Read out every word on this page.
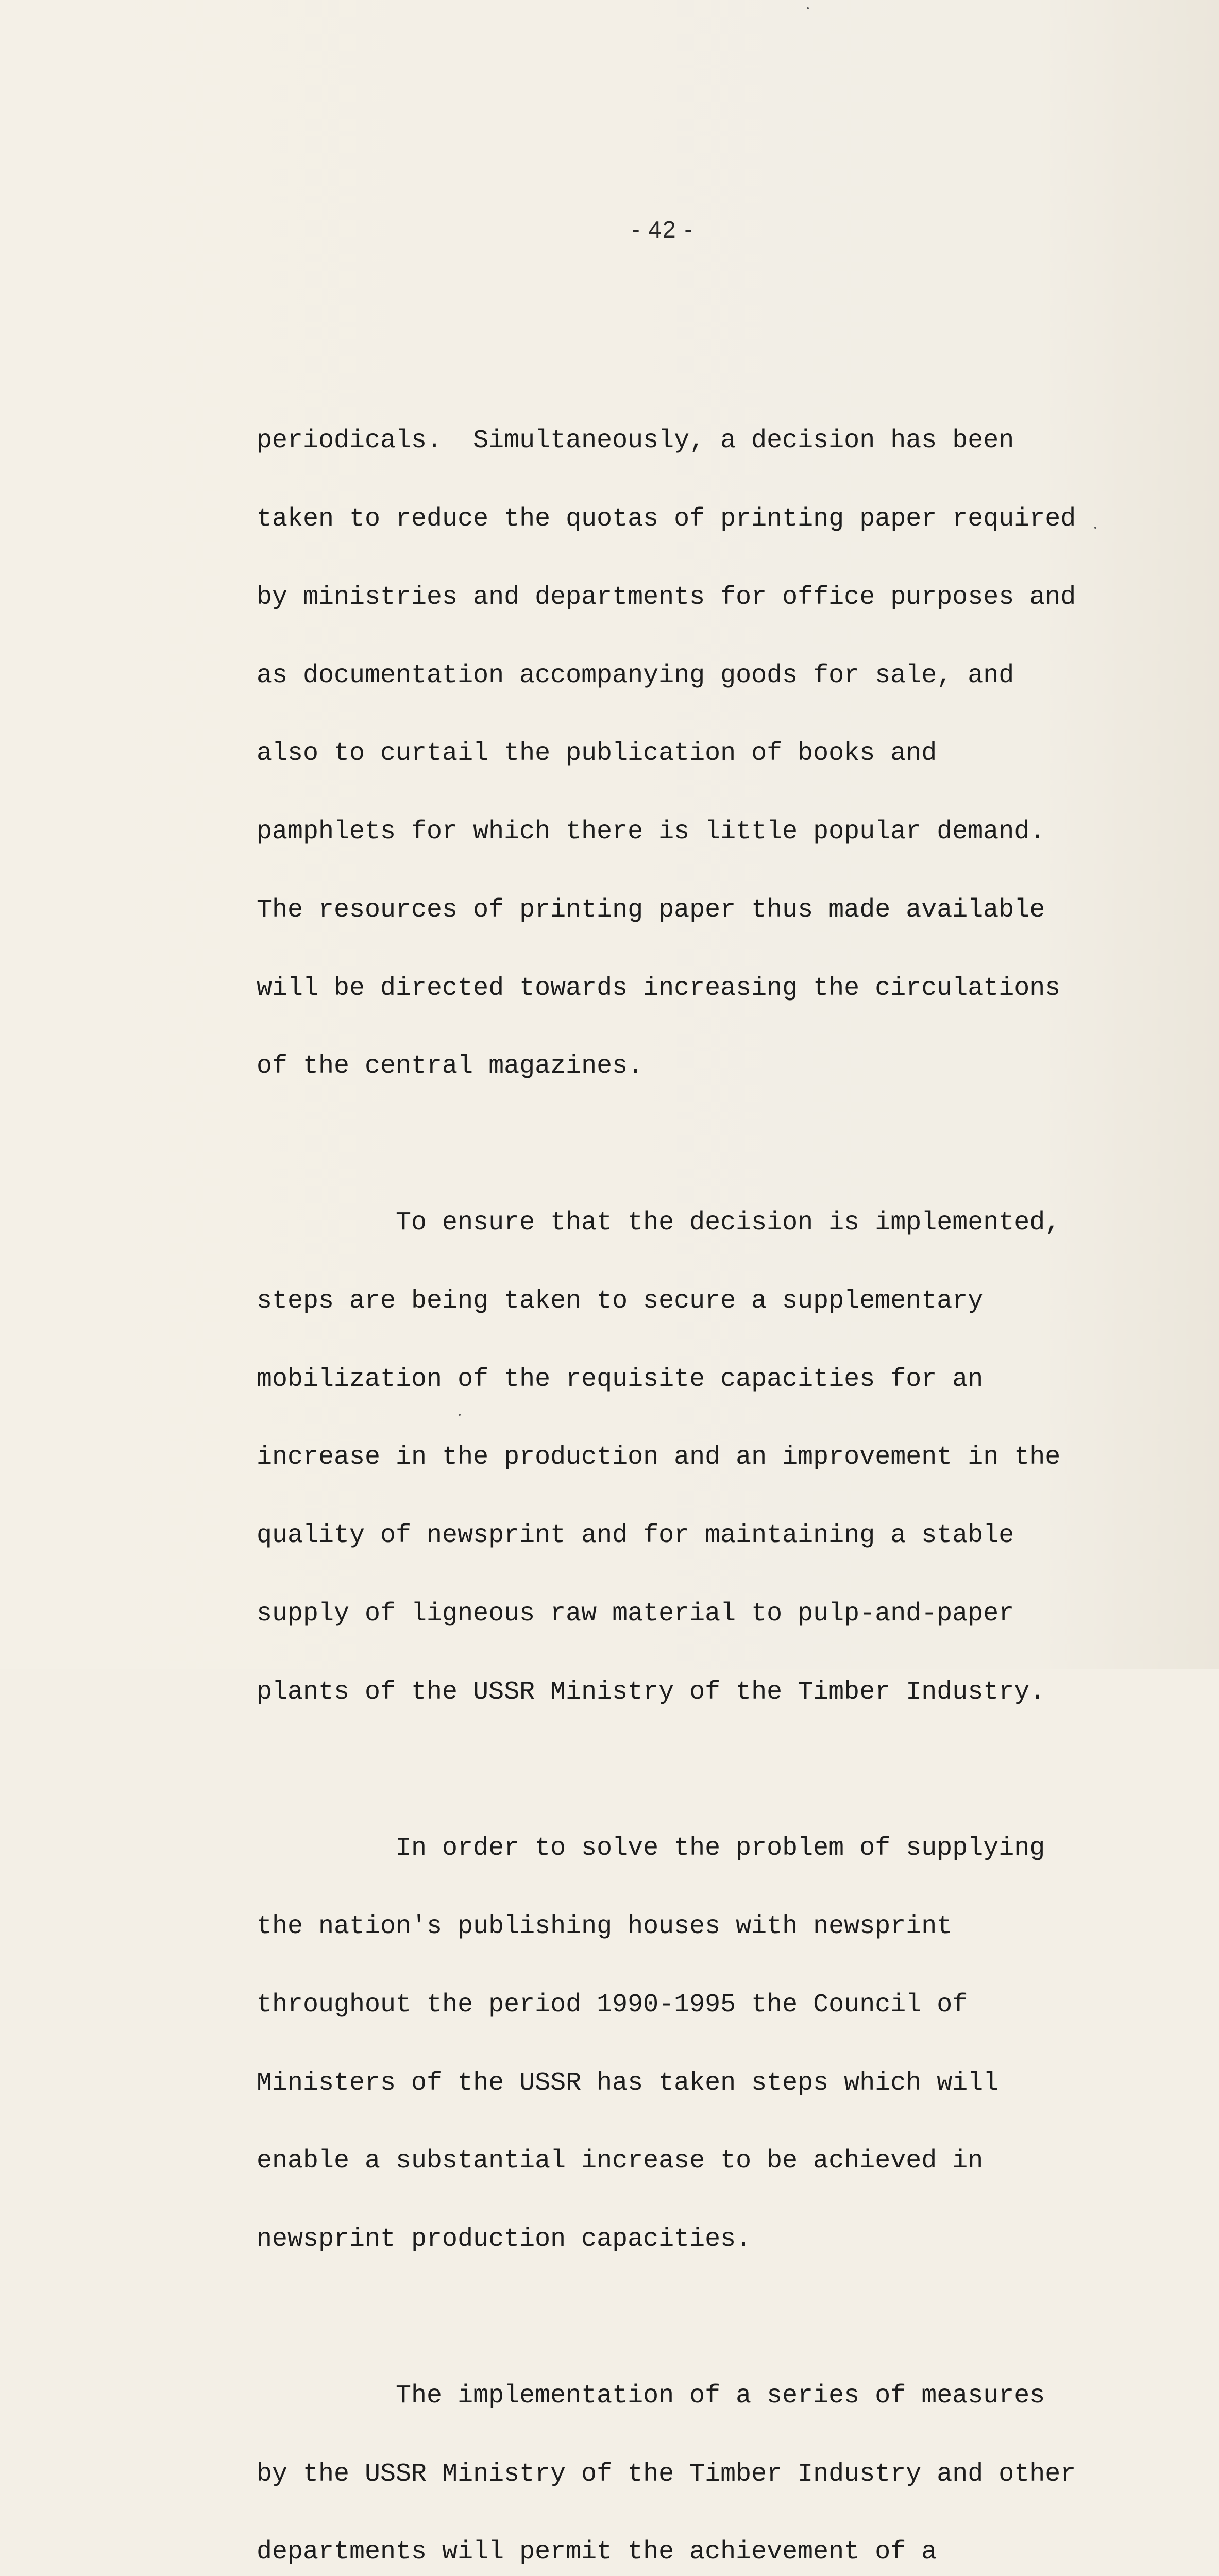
- 42 -

periodicals.  Simultaneously, a decision has been

taken to reduce the quotas of printing paper required

by ministries and departments for office purposes and

as documentation accompanying goods for sale, and

also to curtail the publication of books and

pamphlets for which there is little popular demand.

The resources of printing paper thus made available

will be directed towards increasing the circulations

of the central magazines.

To ensure that the decision is implemented,

steps are being taken to secure a supplementary

mobilization of the requisite capacities for an

increase in the production and an improvement in the

quality of newsprint and for maintaining a stable

supply of ligneous raw material to pulp-and-paper

plants of the USSR Ministry of the Timber Industry.

In order to solve the problem of supplying

the nation's publishing houses with newsprint

throughout the period 1990-1995 the Council of

Ministers of the USSR has taken steps which will

enable a substantial increase to be achieved in

newsprint production capacities.

The implementation of a series of measures

by the USSR Ministry of the Timber Industry and other

departments will permit the achievement of a
